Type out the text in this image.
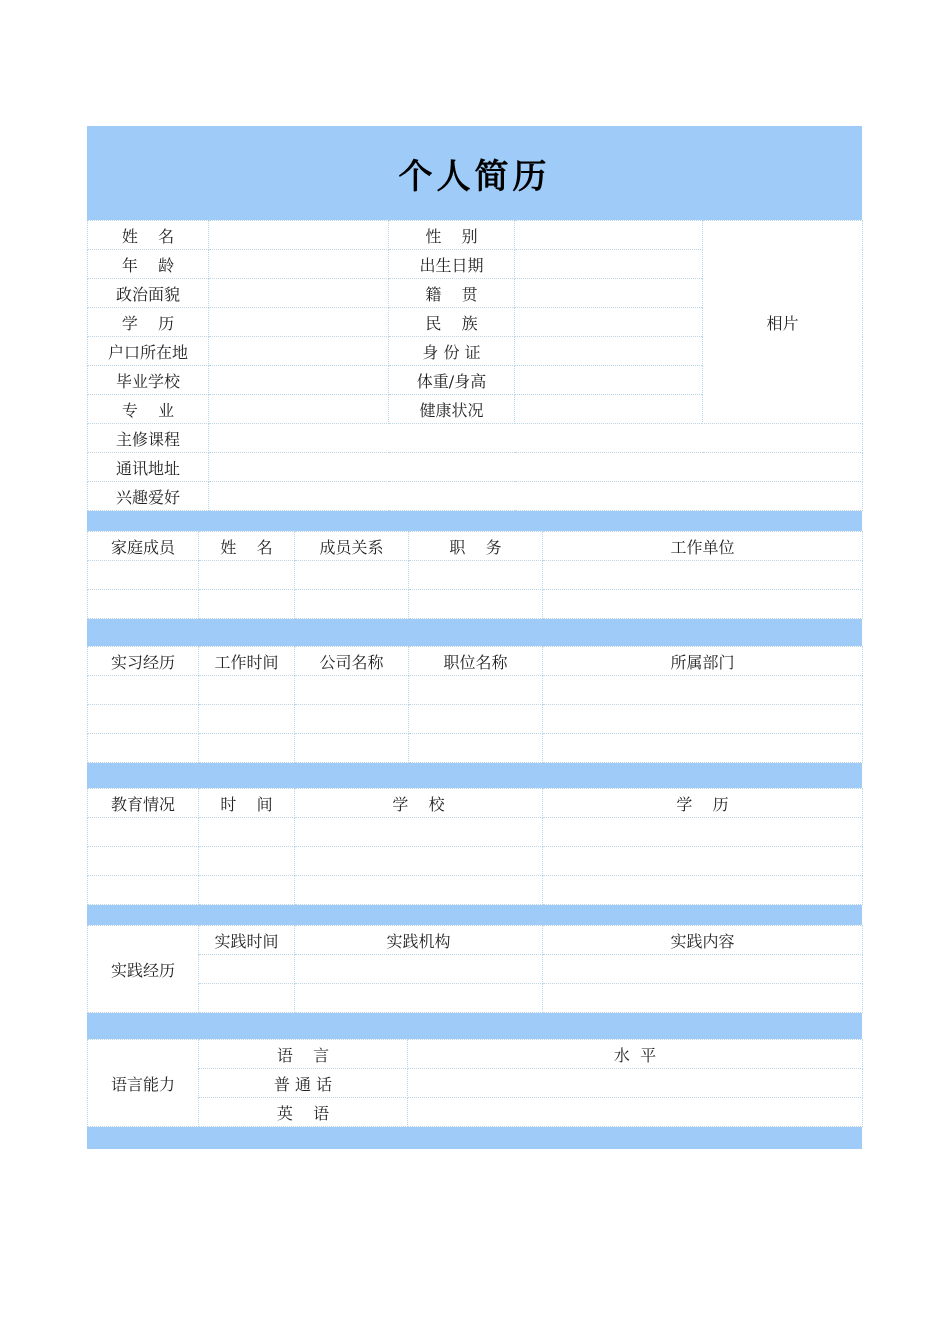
个人简历
姓    名		性    别		相片
年    龄		出生日期		
政治面貌		籍    贯		
学    历		民    族		
户口所在地		身 份 证		
毕业学校		体重/身高		
专    业		健康状况		
主修课程				
通讯地址				
兴趣爱好				
家庭成员	姓    名	成员关系	职    务	工作单位

实习经历	工作时间	公司名称	职位名称	所属部门

教育情况	时    间	学    校	学    历

实践经历	实践时间	实践机构	实践内容

语言能力	语    言	水  平
	普 通 话	
	英    语	
